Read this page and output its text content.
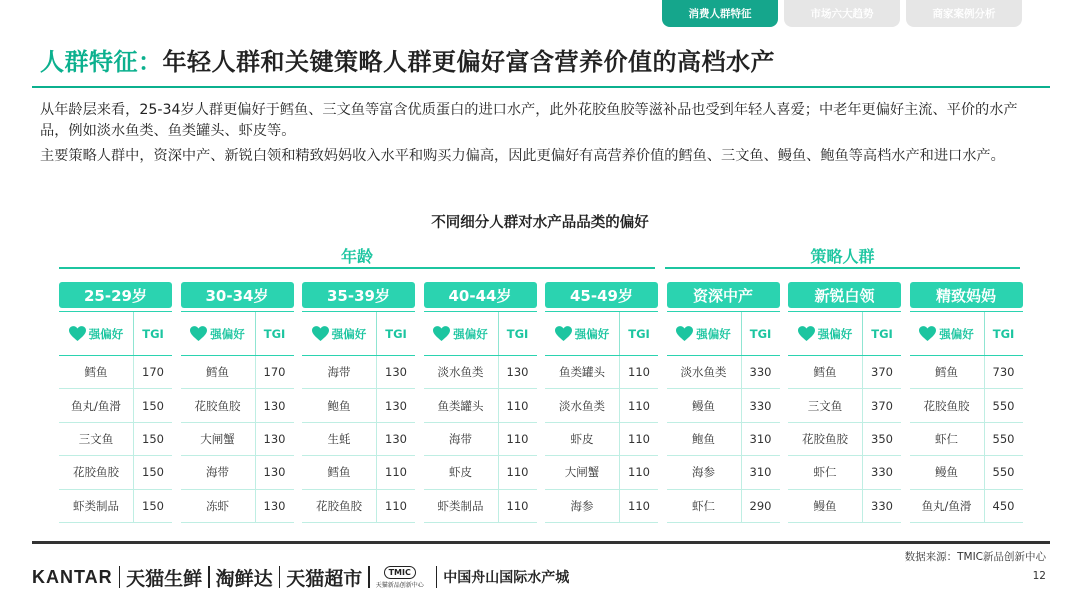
消费人群特征	市场六大趋势	商家案例分析
人群特征：年轻人群和关键策略人群更偏好富含营养价值的高档水产

从年龄层来看，25-34岁人群更偏好于鳕鱼、三文鱼等富含优质蛋白的进口水产，此外花胶鱼胶等滋补品也受到年轻人喜爱；中老年更偏好主流、平价的水产品，例如淡水鱼类、鱼类罐头、虾皮等。

主要策略人群中，资深中产、新锐白领和精致妈妈收入水平和购买力偏高，因此更偏好有高营养价值的鳕鱼、三文鱼、鳗鱼、鲍鱼等高档水产和进口水产。

不同细分人群对水产品品类的偏好
年龄	策略人群
25-29岁
强偏好	TGI
鳕鱼	170
鱼丸/鱼滑	150
三文鱼	150
花胶鱼胶	150
虾类制品	150
30-34岁
强偏好	TGI
鳕鱼	170
花胶鱼胶	130
大闸蟹	130
海带	130
冻虾	130
35-39岁
强偏好	TGI
海带	130
鲍鱼	130
生蚝	130
鳕鱼	110
花胶鱼胶	110
40-44岁
强偏好	TGI
淡水鱼类	130
鱼类罐头	110
海带	110
虾皮	110
虾类制品	110
45-49岁
强偏好	TGI
鱼类罐头	110
淡水鱼类	110
虾皮	110
大闸蟹	110
海参	110
资深中产
强偏好	TGI
淡水鱼类	330
鳗鱼	330
鲍鱼	310
海参	310
虾仁	290
新锐白领
强偏好	TGI
鳕鱼	370
三文鱼	370
花胶鱼胶	350
虾仁	330
鳗鱼	330
精致妈妈
强偏好	TGI
鳕鱼	730
花胶鱼胶	550
虾仁	550
鳗鱼	550
鱼丸/鱼滑	450
KANTAR 天猫生鲜 淘鲜达 天猫超市	TMIC
天猫新品创新中心 中国舟山国际水产城
数据来源：TMIC新品创新中心
12
